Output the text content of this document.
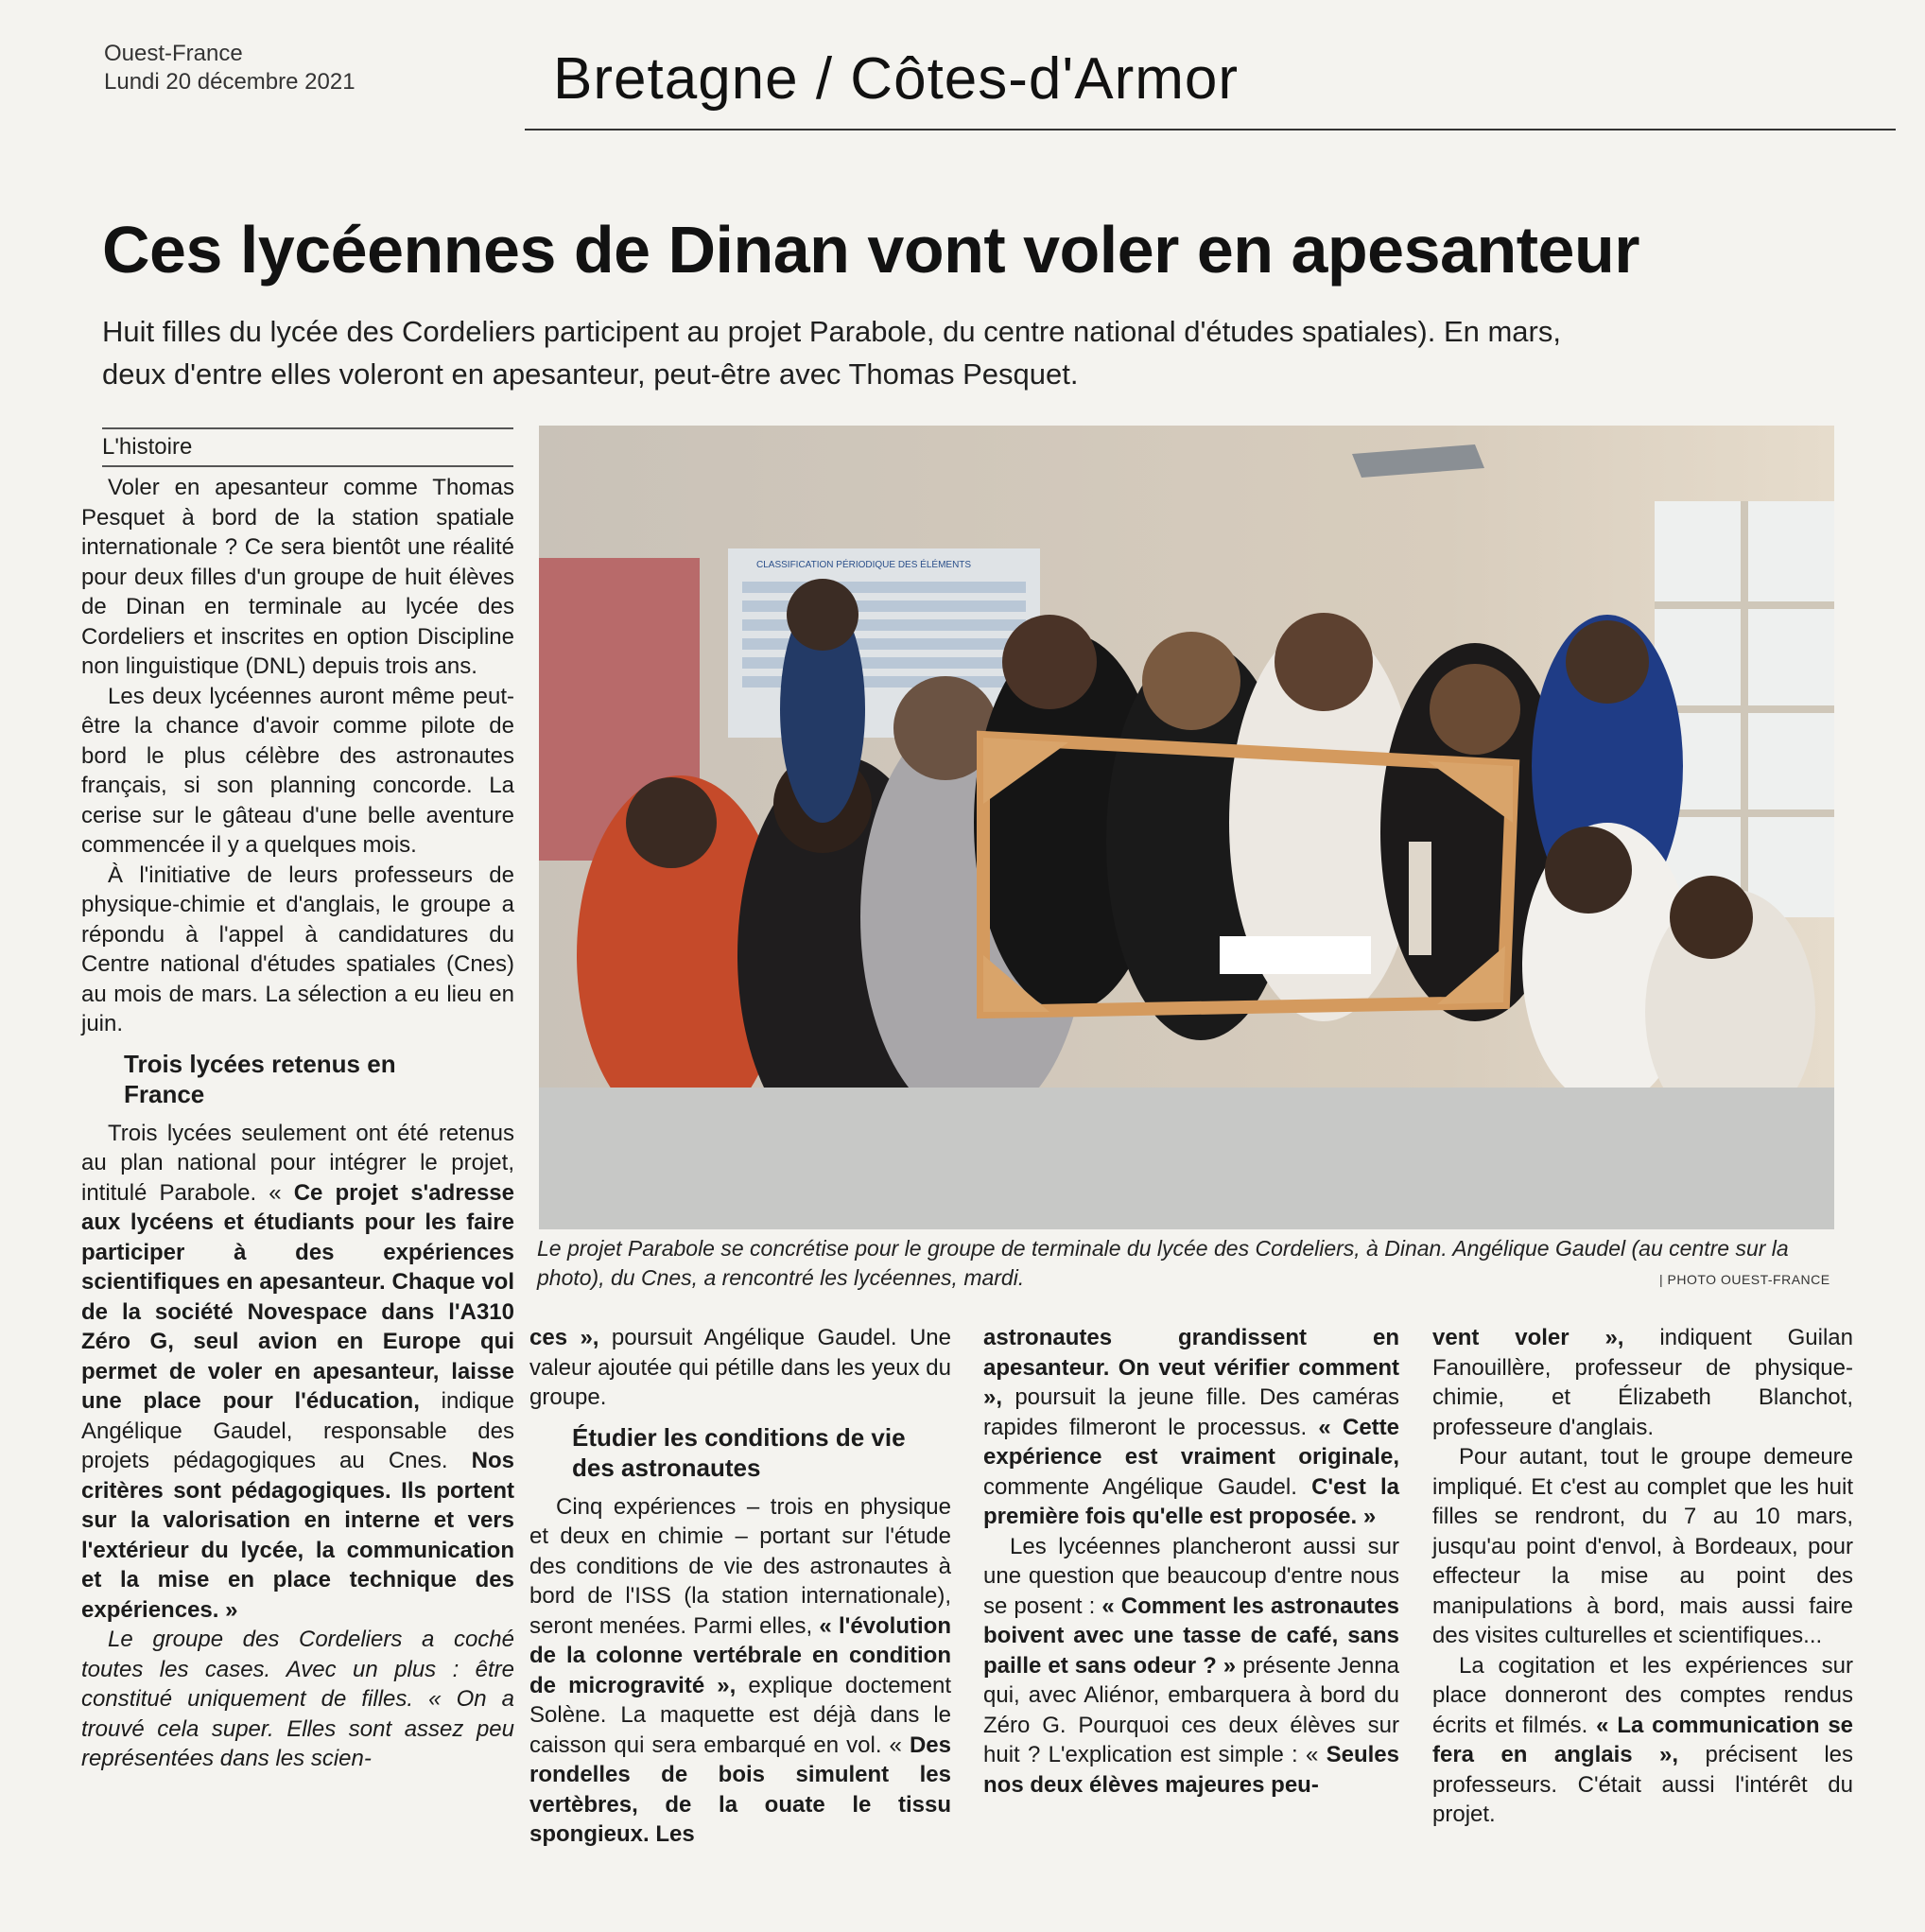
Ouest-France
Lundi 20 décembre 2021	Bretagne / Côtes-d'Armor
Ces lycéennes de Dinan vont voler en apesanteur
Huit filles du lycée des Cordeliers participent au projet Parabole, du centre national d'études spatiales). En mars, deux d'entre elles voleront en apesanteur, peut-être avec Thomas Pesquet.
L'histoire

Voler en apesanteur comme Thomas Pesquet à bord de la station spatiale internationale ? Ce sera bientôt une réalité pour deux filles d'un groupe de huit élèves de Dinan en terminale au lycée des Cordeliers et inscrites en option Discipline non linguistique (DNL) depuis trois ans.

Les deux lycéennes auront même peut-être la chance d'avoir comme pilote de bord le plus célèbre des astronautes français, si son planning concorde. La cerise sur le gâteau d'une belle aventure commencée il y a quelques mois.

À l'initiative de leurs professeurs de physique-chimie et d'anglais, le groupe a répondu à l'appel à candidatures du Centre national d'études spatiales (Cnes) au mois de mars. La sélection a eu lieu en juin.

Trois lycées retenus en France

Trois lycées seulement ont été retenus au plan national pour intégrer le projet, intitulé Parabole. « Ce projet s'adresse aux lycéens et étudiants pour les faire participer à des expériences scientifiques en apesanteur. Chaque vol de la société Novespace dans l'A310 Zéro G, seul avion en Europe qui permet de voler en apesanteur, laisse une place pour l'éducation, indique Angélique Gaudel, responsable des projets pédagogiques au Cnes. Nos critères sont pédagogiques. Ils portent sur la valorisation en interne et vers l'extérieur du lycée, la communication et la mise en place technique des expériences. »

Le groupe des Cordeliers a coché toutes les cases. Avec un plus : être constitué uniquement de filles. « On a trouvé cela super. Elles sont assez peu représentées dans les scien-

CLASSIFICATION PÉRIODIQUE DES ÉLÉMENTS
Le projet Parabole se concrétise pour le groupe de terminale du lycée des Cordeliers, à Dinan. Angélique Gaudel (au centre sur la photo), du Cnes, a rencontré les lycéennes, mardi.	| PHOTO OUEST-FRANCE

ces », poursuit Angélique Gaudel. Une valeur ajoutée qui pétille dans les yeux du groupe.

Étudier les conditions de vie des astronautes

Cinq expériences – trois en physique et deux en chimie – portant sur l'étude des conditions de vie des astronautes à bord de l'ISS (la station internationale), seront menées. Parmi elles, « l'évolution de la colonne vertébrale en condition de microgravité », explique doctement Solène. La maquette est déjà dans le caisson qui sera embarqué en vol. « Des rondelles de bois simulent les vertèbres, de la ouate le tissu spongieux. Les

astronautes grandissent en apesanteur. On veut vérifier comment », poursuit la jeune fille. Des caméras rapides filmeront le processus. « Cette expérience est vraiment originale, commente Angélique Gaudel. C'est la première fois qu'elle est proposée. »

Les lycéennes plancheront aussi sur une question que beaucoup d'entre nous se posent : « Comment les astronautes boivent avec une tasse de café, sans paille et sans odeur ? » présente Jenna qui, avec Aliénor, embarquera à bord du Zéro G. Pourquoi ces deux élèves sur huit ? L'explication est simple : « Seules nos deux élèves majeures peu-

vent voler », indiquent Guilan Fanouillère, professeur de physique-chimie, et Élizabeth Blanchot, professeure d'anglais.

Pour autant, tout le groupe demeure impliqué. Et c'est au complet que les huit filles se rendront, du 7 au 10 mars, jusqu'au point d'envol, à Bordeaux, pour effecteur la mise au point des manipulations à bord, mais aussi faire des visites culturelles et scientifiques...

La cogitation et les expériences sur place donneront des comptes rendus écrits et filmés. « La communication se fera en anglais », précisent les professeurs. C'était aussi l'intérêt du projet.
